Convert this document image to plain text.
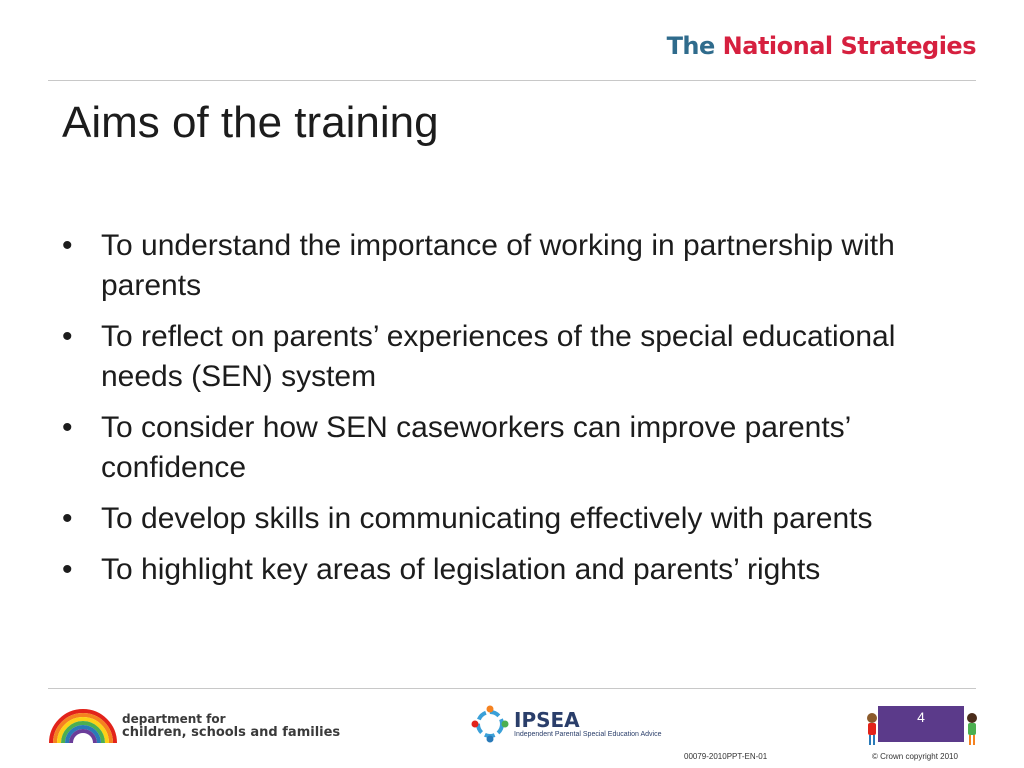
The National Strategies
Aims of the training
• To understand the importance of working in partnership with parents
• To reflect on parents’ experiences of the special educational needs (SEN) system
• To consider how SEN caseworkers can improve parents’ confidence
• To develop skills in communicating effectively with parents
• To highlight key areas of legislation and parents’ rights
department for
children, schools and families
IPSEA
Independent Parental Special Education Advice
4
00079-2010PPT-EN-01	© Crown copyright 2010
